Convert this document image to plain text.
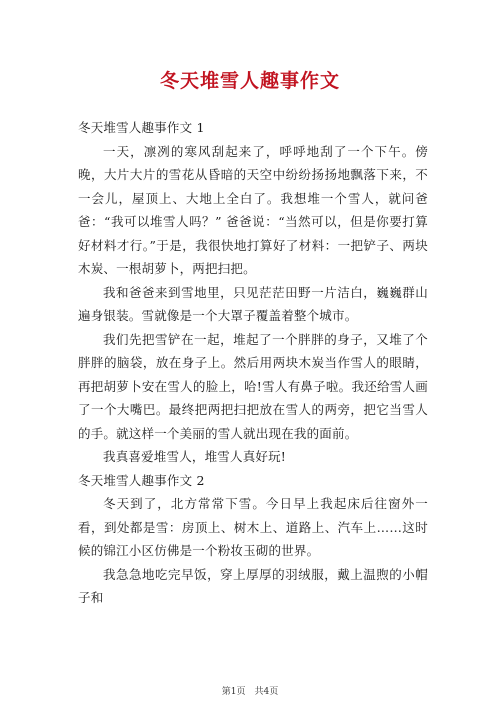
冬天堆雪人趣事作文

冬天堆雪人趣事作文 1

一天，凛冽的寒风刮起来了，呼呼地刮了一个下午。傍晚，大片大片的雪花从昏暗的天空中纷纷扬扬地飘落下来，不一会儿，屋顶上、大地上全白了。我想堆一个雪人，就问爸爸：“我可以堆雪人吗？” 爸爸说：“当然可以，但是你要打算好材料才行。”于是，我很快地打算好了材料：一把铲子、两块木炭、一根胡萝卜，两把扫把。

我和爸爸来到雪地里，只见茫茫田野一片洁白，巍巍群山遍身银装。雪就像是一个大罩子覆盖着整个城市。

我们先把雪铲在一起，堆起了一个胖胖的身子，又堆了个胖胖的脑袋，放在身子上。然后用两块木炭当作雪人的眼睛，再把胡萝卜安在雪人的脸上，哈!雪人有鼻子啦。我还给雪人画了一个大嘴巴。最终把两把扫把放在雪人的两旁，把它当雪人的手。就这样一个美丽的雪人就出现在我的面前。

我真喜爱堆雪人，堆雪人真好玩!

冬天堆雪人趣事作文 2

冬天到了，北方常常下雪。今日早上我起床后往窗外一看，到处都是雪：房顶上、树木上、道路上、汽车上……这时候的锦江小区仿佛是一个粉妆玉砌的世界。

我急急地吃完早饭，穿上厚厚的羽绒服，戴上温煦的小帽子和

第1页　共4页
